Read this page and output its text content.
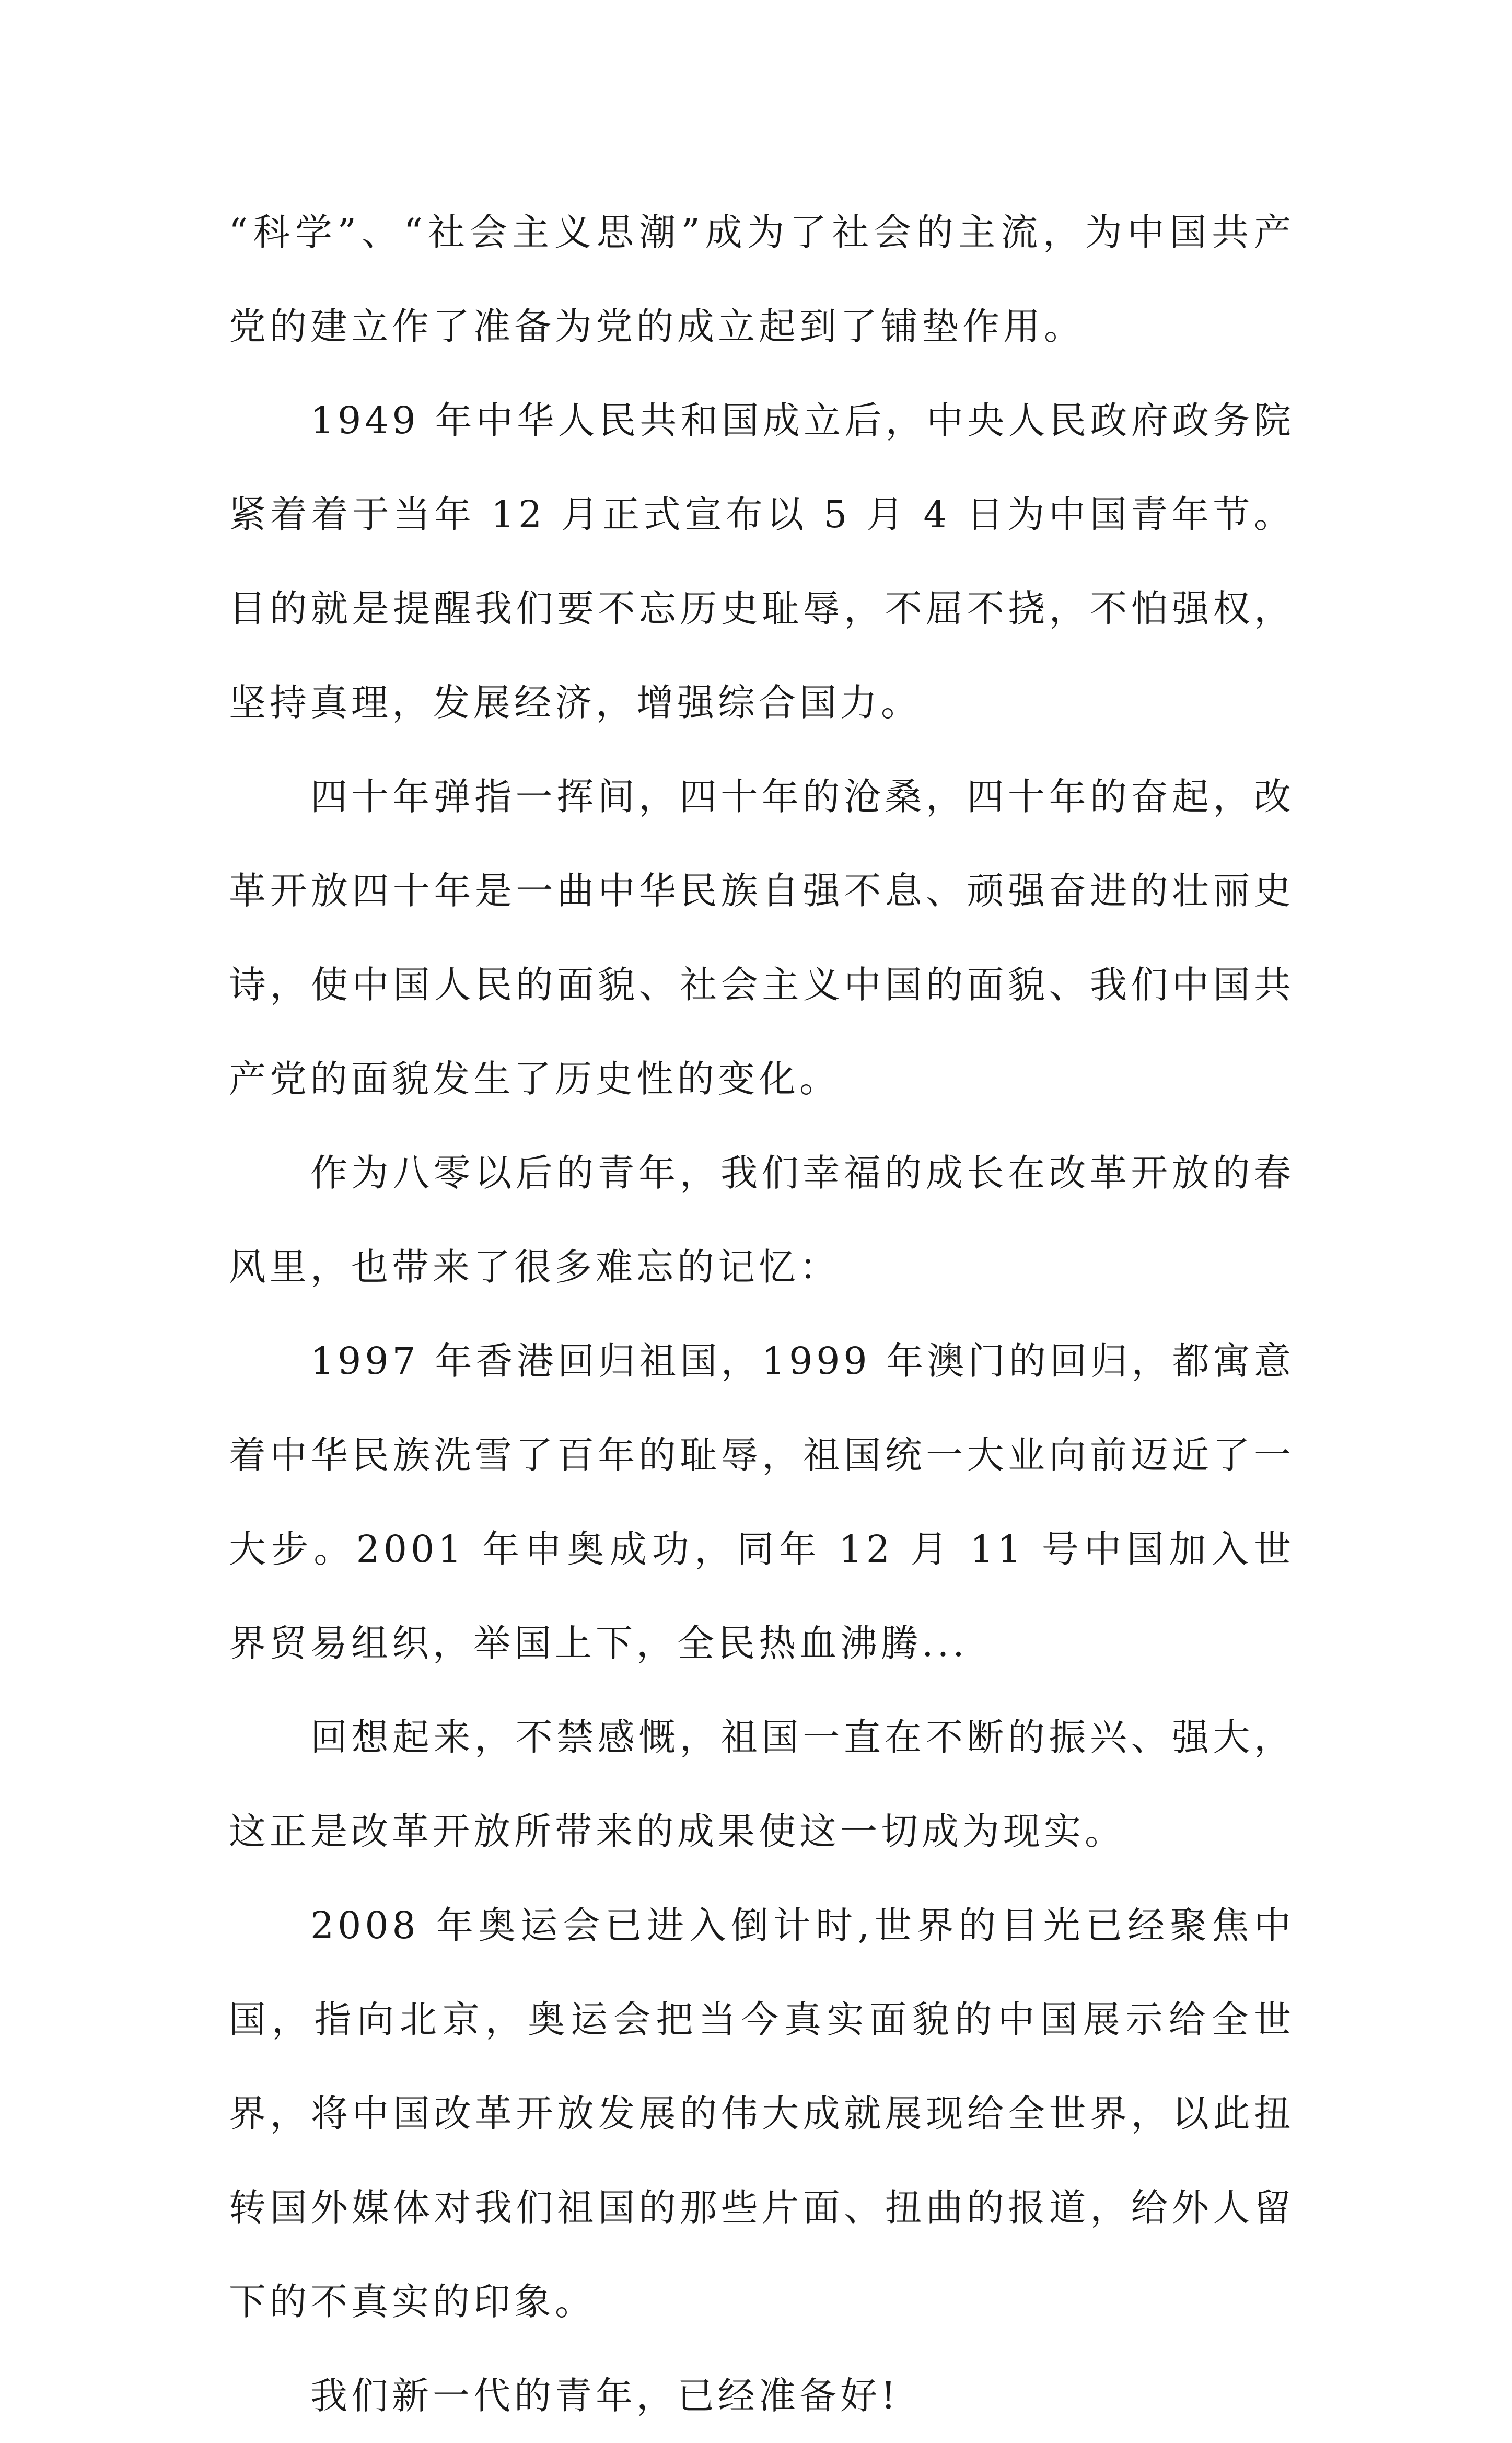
“科学”、“社会主义思潮”成为了社会的主流，为中国共产党的建立作了准备为党的成立起到了铺垫作用。

1949 年中华人民共和国成立后，中央人民政府政务院紧着着于当年 12 月正式宣布以 5 月 4 日为中国青年节。目的就是提醒我们要不忘历史耻辱，不屈不挠，不怕强权，坚持真理，发展经济，增强综合国力。

四十年弹指一挥间，四十年的沧桑，四十年的奋起，改革开放四十年是一曲中华民族自强不息、顽强奋进的壮丽史诗，使中国人民的面貌、社会主义中国的面貌、我们中国共产党的面貌发生了历史性的变化。

作为八零以后的青年，我们幸福的成长在改革开放的春风里，也带来了很多难忘的记忆：

1997 年香港回归祖国，1999 年澳门的回归，都寓意着中华民族洗雪了百年的耻辱，祖国统一大业向前迈近了一大步。2001 年申奥成功，同年 12 月 11 号中国加入世界贸易组织，举国上下，全民热血沸腾...

回想起来，不禁感慨，祖国一直在不断的振兴、强大，这正是改革开放所带来的成果使这一切成为现实。

2008 年奥运会已进入倒计时,世界的目光已经聚焦中国，指向北京，奥运会把当今真实面貌的中国展示给全世界，将中国改革开放发展的伟大成就展现给全世界，以此扭转国外媒体对我们祖国的那些片面、扭曲的报道，给外人留下的不真实的印象。

我们新一代的青年，已经准备好!
